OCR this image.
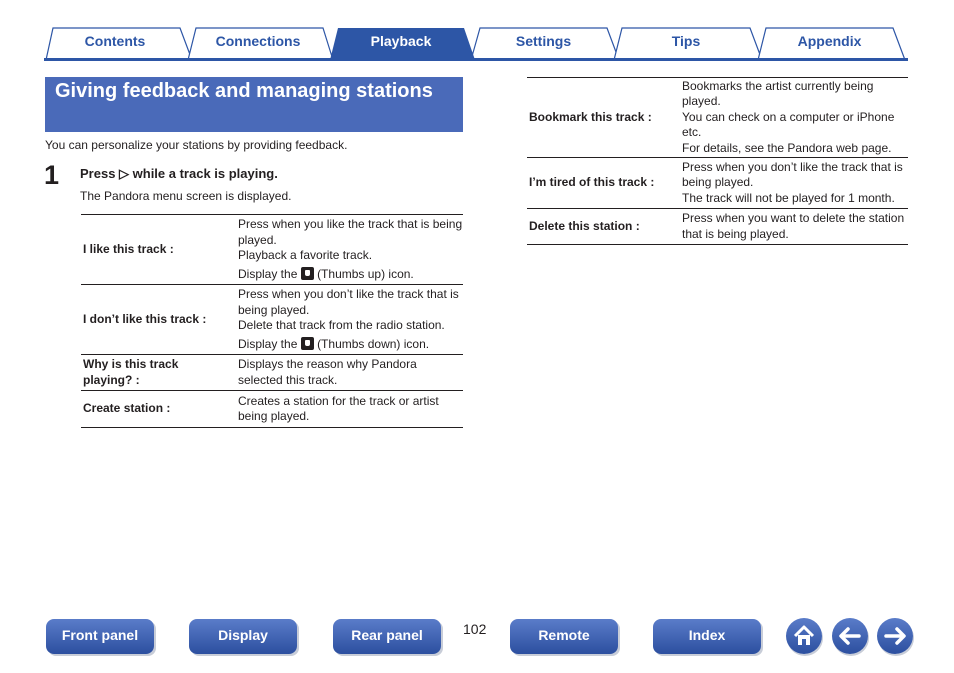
Contents	Connections	Playback	Settings	Tips	Appendix
Giving feedback and managing stations
You can personalize your stations by providing feedback.
1 Press ▷ while a track is playing.
The Pandora menu screen is displayed.
I like this track :	Press when you like the track that is being played.
Playback a favorite track.
Display the (Thumbs up) icon.

I don’t like this track :	Press when you don’t like the track that is being played.
Delete that track from the radio station.
Display the (Thumbs down) icon.

Why is this track playing? :	Displays the reason why Pandora selected this track.

Create station :	Creates a station for the track or artist being played.
Bookmark this track :	Bookmarks the artist currently being played.
You can check on a computer or iPhone etc.
For details, see the Pandora web page.

I’m tired of this track :	Press when you don’t like the track that is being played.
The track will not be played for 1 month.

Delete this station :	Press when you want to delete the station that is being played.
Front panel	Display	Rear panel	102	Remote	Index
